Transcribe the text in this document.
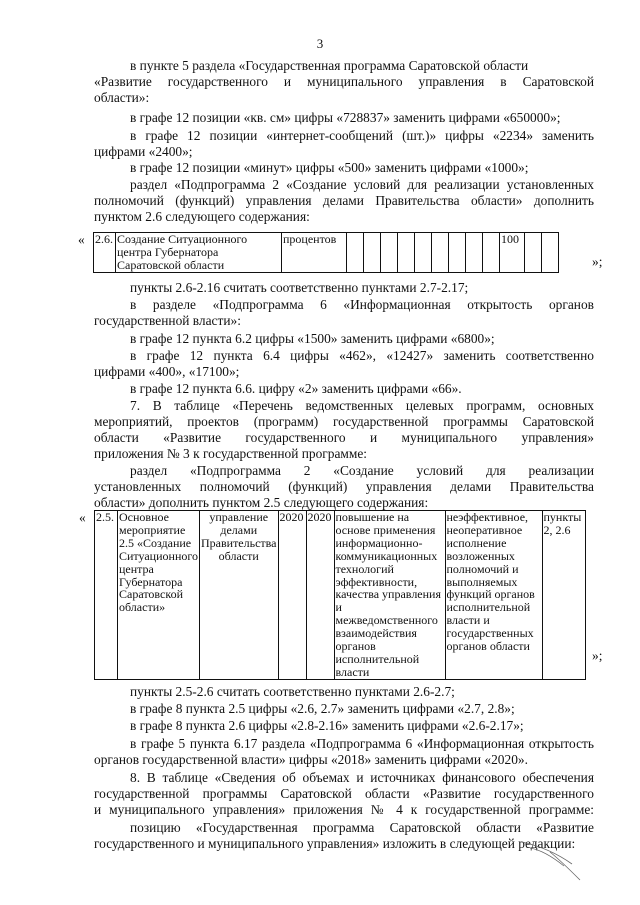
3
в пункте 5 раздела «Государственная программа Саратовской области
«Развитие государственного и муниципального управления в Саратовской
области»:
в графе 12 позиции «кв. см» цифры «728837» заменить цифрами «650000»;
в графе 12 позиции «интернет-сообщений (шт.)» цифры «2234» заменить
цифрами «2400»;
в графе 12 позиции «минут» цифры «500» заменить цифрами «1000»;
раздел «Подпрограмма 2 «Создание условий для реализации установленных
полномочий (функций) управления делами Правительства области» дополнить
пунктом 2.6 следующего содержания:
« 2.6.	Создание Ситуационного центра Губернатора Саратовской области	процентов										100		
»;
пункты 2.6-2.16 считать соответственно пунктами 2.7-2.17;
в разделе «Подпрограмма 6 «Информационная открытость органов
государственной власти»:
в графе 12 пункта 6.2 цифры «1500» заменить цифрами «6800»;
в графе 12 пункта 6.4 цифры «462», «12427» заменить соответственно
цифрами «400», «17100»;
в графе 12 пункта 6.6. цифру «2» заменить цифрами «66».
7. В таблице «Перечень ведомственных целевых программ, основных
мероприятий, проектов (программ) государственной программы Саратовской
области «Развитие государственного и муниципального управления»
приложения № 3 к государственной программе:
раздел «Подпрограмма 2 «Создание условий для реализации
установленных полномочий (функций) управления делами Правительства
области» дополнить пунктом 2.5 следующего содержания:
« 2.5.	Основное мероприятие 2.5 «Создание Ситуационного центра Губернатора Саратовской области»	управление делами Правительства области	2020	2020	повышение на основе применения информационно-коммуникационных технологий эффективности, качества управления и межведомственного взаимодействия органов исполнительной власти	неэффективное, неоперативное исполнение возложенных полномочий и выполняемых функций органов исполнительной власти и государственных органов области	пункты 2, 2.6
»;
пункты 2.5-2.6 считать соответственно пунктами 2.6-2.7;
в графе 8 пункта 2.5 цифры «2.6, 2.7» заменить цифрами «2.7, 2.8»;
в графе 8 пункта 2.6 цифры «2.8-2.16» заменить цифрами «2.6-2.17»;
в графе 5 пункта 6.17 раздела «Подпрограмма 6 «Информационная открытость
органов государственной власти» цифры «2018» заменить цифрами «2020».
8. В таблице «Сведения об объемах и источниках финансового обеспечения
государственной программы Саратовской области «Развитие государственного
и муниципального управления» приложения № 4 к государственной программе:
позицию «Государственная программа Саратовской области «Развитие
государственного и муниципального управления» изложить в следующей редакции:
